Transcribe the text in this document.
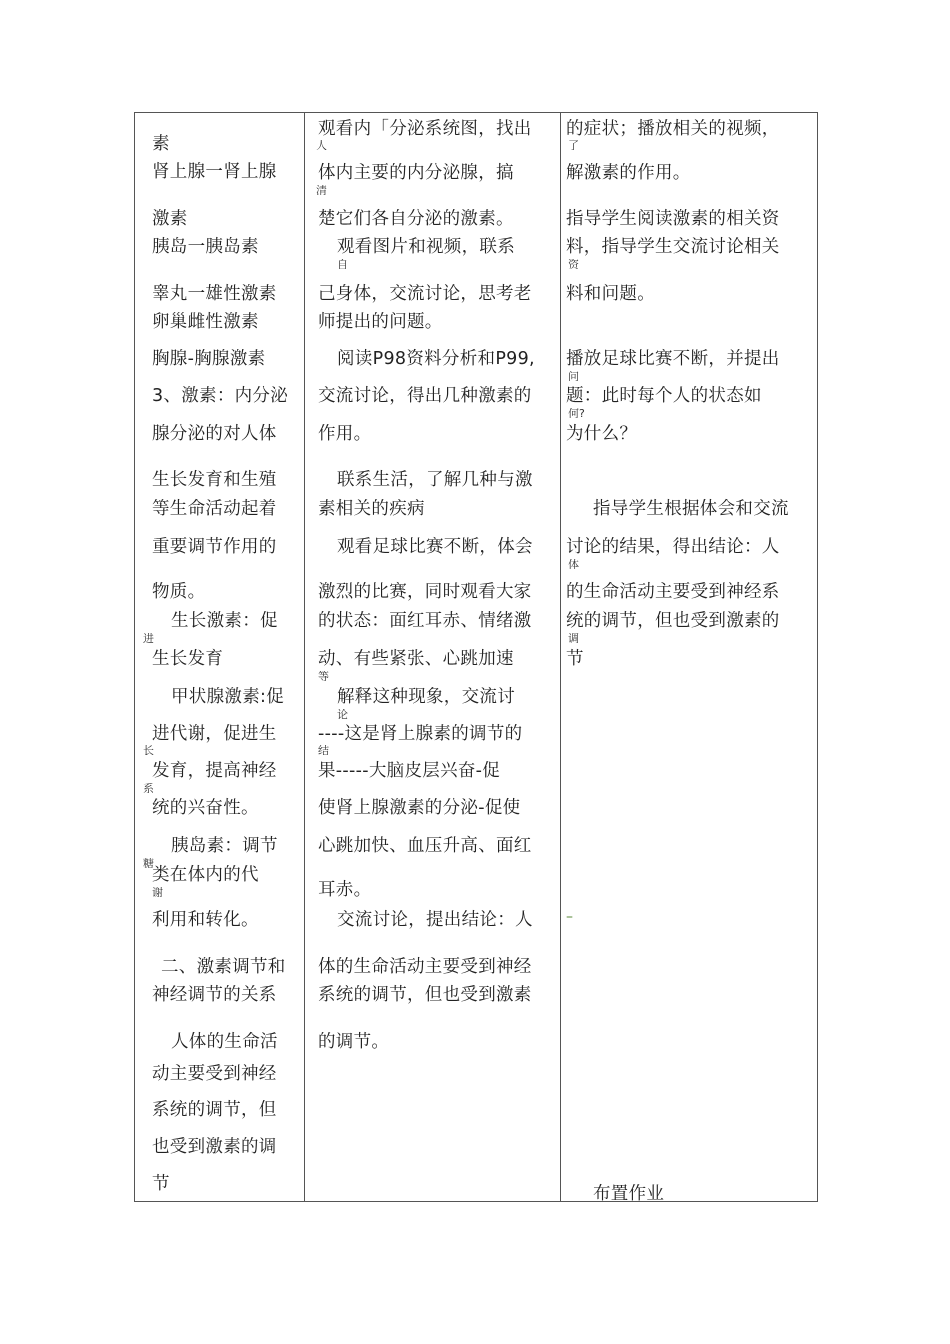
素
肾上腺一肾上腺
激素
胰岛一胰岛素
睾丸一雄性激素
卵巢雌性激素
胸腺-胸腺激素
3、激素：内分泌
腺分泌的对人体
生长发育和生殖
等生命活动起着
重要调节作用的
物质。
生长激素：促
进
生长发育
甲状腺激素:促
进代谢，促进生
长
发育，提高神经
系
统的兴奋性。
胰岛素：调节
糖
类在体内的代
谢
利用和转化。
二、激素调节和
神经调节的关系
人体的生命活
动主要受到神经
系统的调节，但
也受到激素的调
节
观看内「分泌系统图，找出
人
体内主要的内分泌腺，搞
清
楚它们各自分泌的激素。
观看图片和视频，联系
自
己身体，交流讨论，思考老
师提出的问题。
阅读P98资料分析和P99,
交流讨论，得出几种激素的
作用。
联系生活，了解几种与激
素相关的疾病
观看足球比赛不断，体会
激烈的比赛，同时观看大家
的状态：面红耳赤、情绪激
动、有些紧张、心跳加速
等
解释这种现象，交流讨
论
----这是肾上腺素的调节的
结
果-----大脑皮层兴奋-促
使肾上腺激素的分泌-促使
心跳加快、血压升高、面红
耳赤。
交流讨论，提出结论：人
体的生命活动主要受到神经
系统的调节，但也受到激素
的调节。
的症状；播放相关的视频，
了
解激素的作用。
指导学生阅读激素的相关资
料，指导学生交流讨论相关
资
料和问题。
播放足球比赛不断，并提出
问
题：此时每个人的状态如
何?
为什么？
指导学生根据体会和交流
讨论的结果，得出结论：人
体
的生命活动主要受到神经系
统的调节，但也受到激素的
调
节
–
布置作业
